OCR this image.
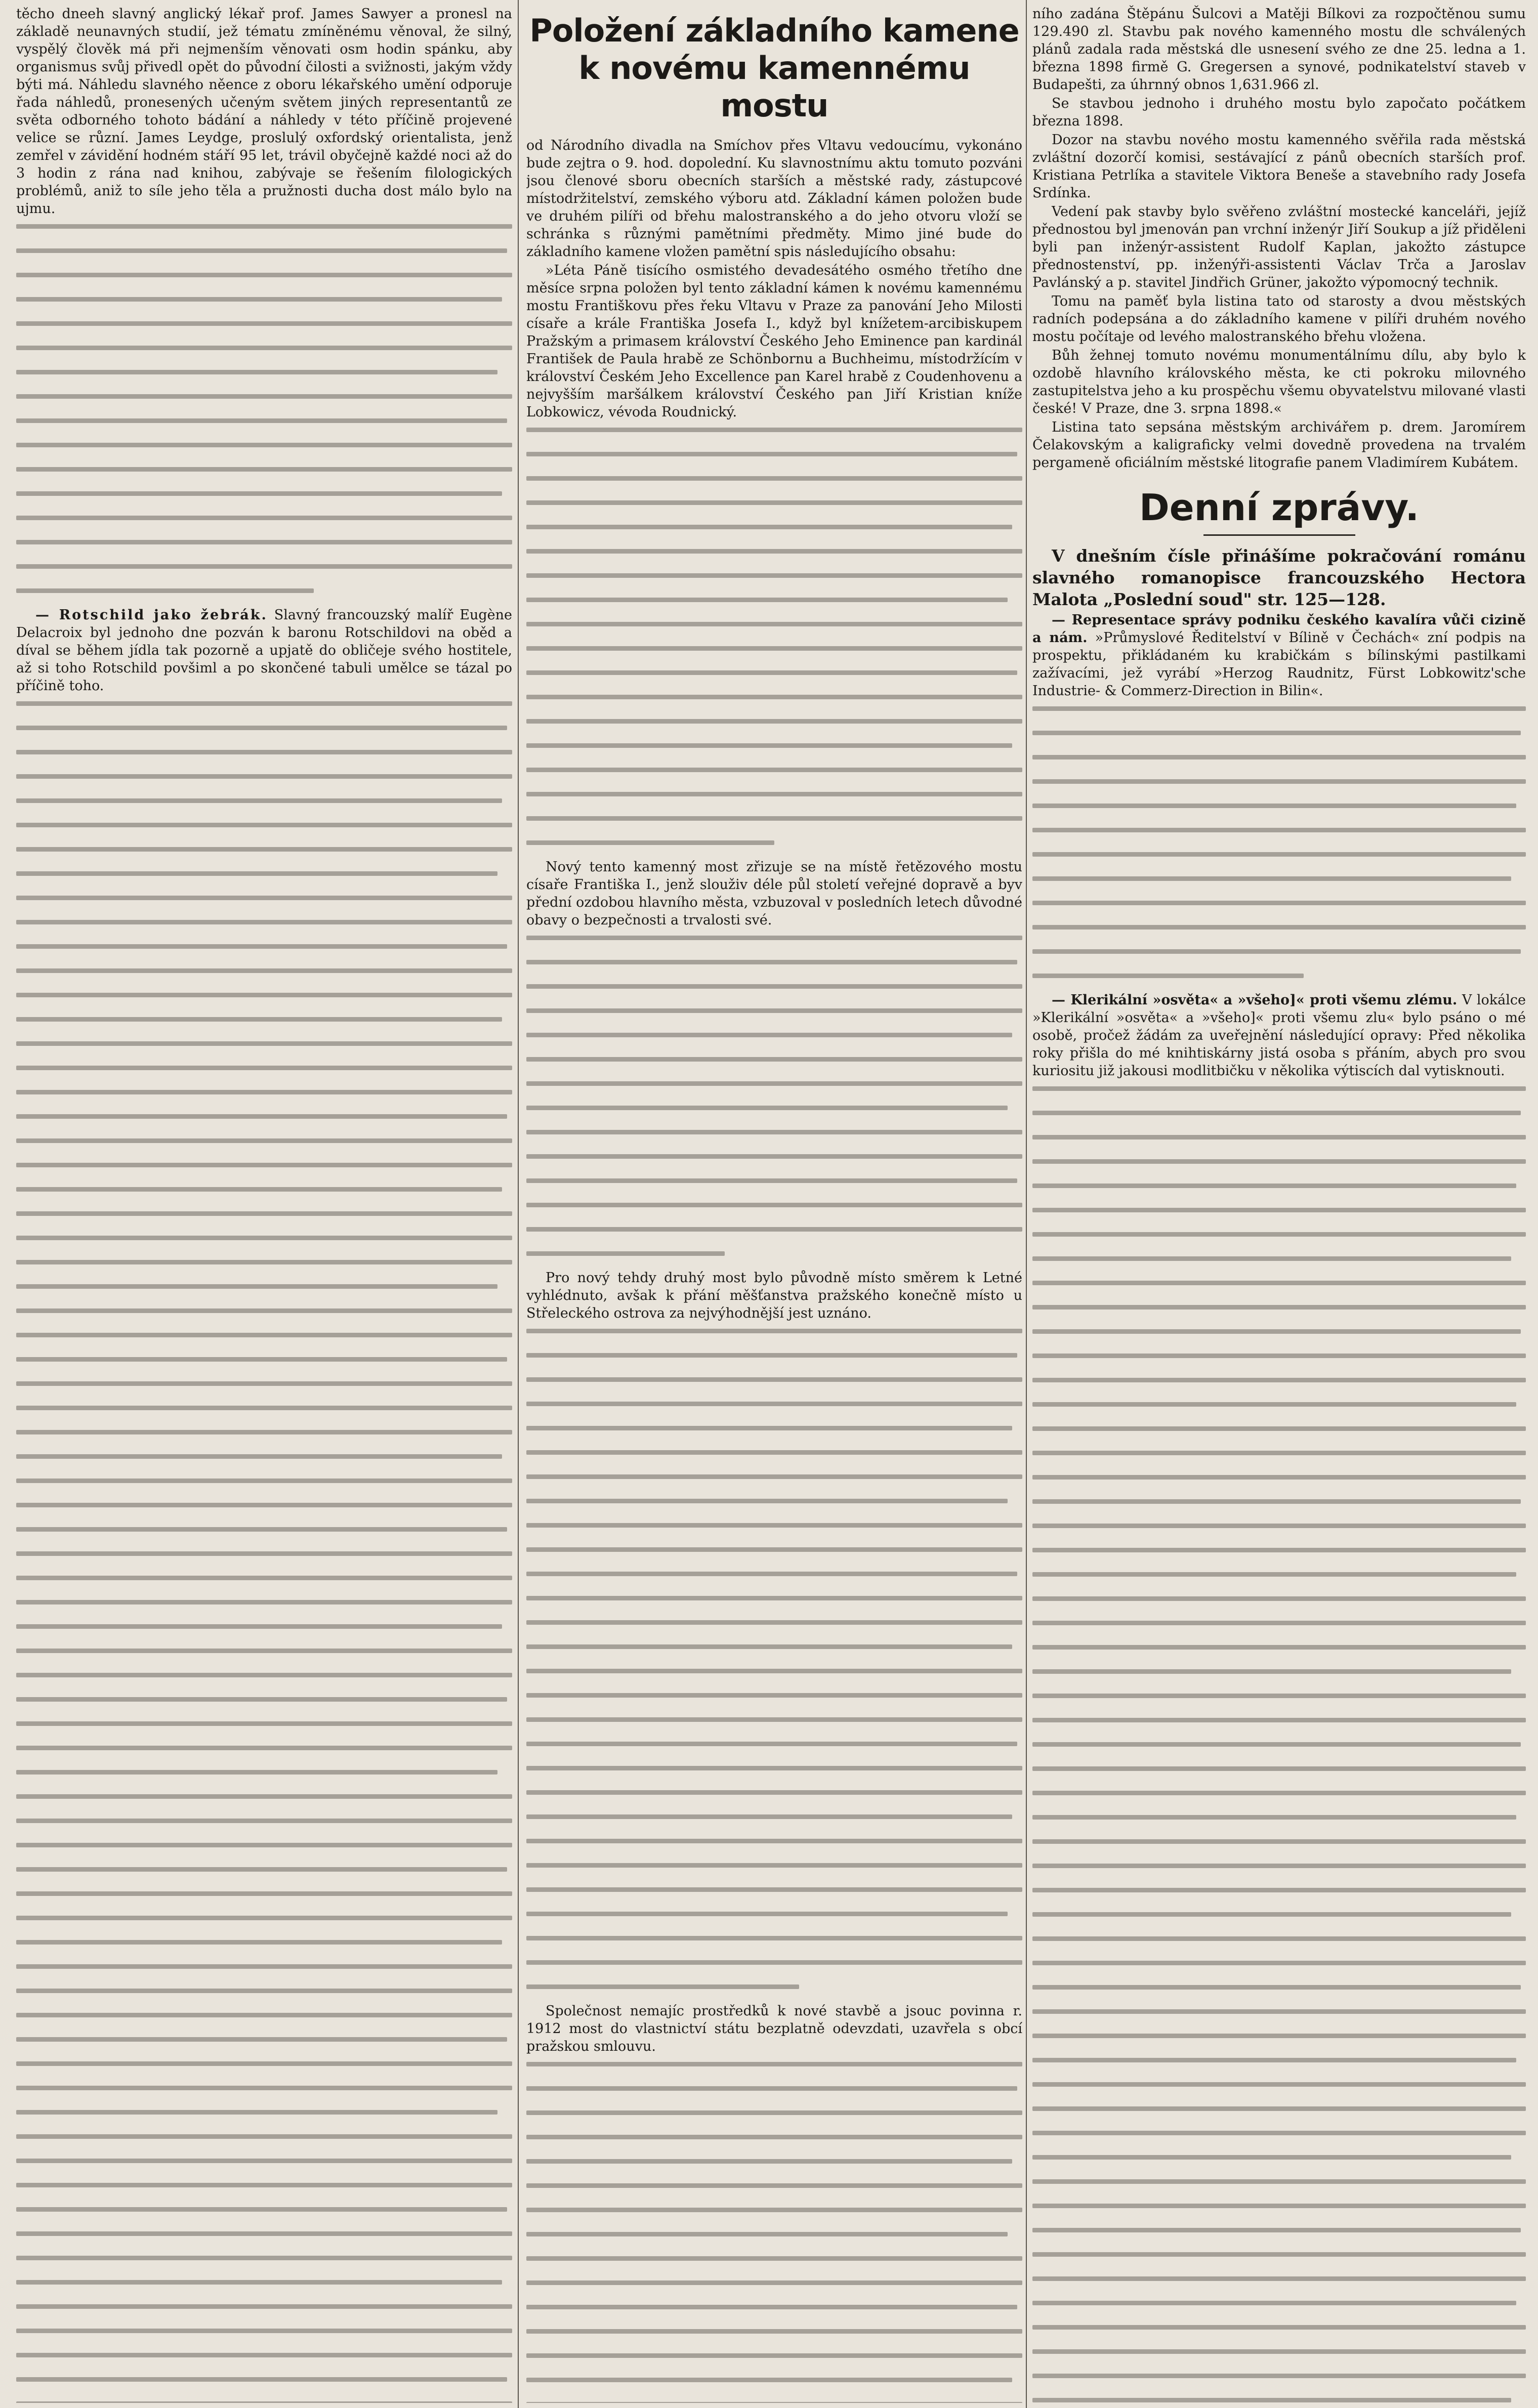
těcho dneeh slavný anglický lékař prof. James Sawyer a pronesl na základě neunavných studií, jež tématu zmíněnému věnoval, že silný, vyspělý člověk má při nejmenším věnovati osm hodin spánku, aby organismus svůj přivedl opět do původní čilosti a svižnosti, jakým vždy býti má. Náhledu slavného něence z oboru lékařského umění odporuje řada náhledů, pronesených učeným světem jiných representantů ze světa odborného tohoto bádání a náhledy v této příčině projevené velice se různí. James Leydge, proslulý oxfordský orientalista, jenž zemřel v závidění hodném stáří 95 let, trávil obyčejně každé noci až do 3 hodin z rána nad knihou, zabývaje se řešením filologických problémů, aniž to síle jeho těla a pružnosti ducha dost málo bylo na ujmu.

— Rotschild jako žebrák. Slavný francouzský malíř Eugène Delacroix byl jednoho dne pozván k baronu Rotschildovi na oběd a díval se během jídla tak pozorně a upjatě do obličeje svého hostitele, až si toho Rotschild povšiml a po skončené tabuli umělce se tázal po příčině toho.

Položení základního kamene k novému kamennému mostu

od Národního divadla na Smíchov přes Vltavu vedoucímu, vykonáno bude zejtra o 9. hod. dopolední. Ku slavnostnímu aktu tomuto pozváni jsou členové sboru obecních starších a městské rady, zástupcové místodržitelství, zemského výboru atd. Základní kámen položen bude ve druhém pilíři od břehu malostranského a do jeho otvoru vloží se schránka s různými pamětními předměty. Mimo jiné bude do základního kamene vložen pamětní spis následujícího obsahu:

»Léta Páně tisícího osmistého devadesátého osmého třetího dne měsíce srpna položen byl tento základní kámen k novému kamennému mostu Františkovu přes řeku Vltavu v Praze za panování Jeho Milosti císaře a krále Františka Josefa I., když byl knížetem-arcibiskupem Pražským a primasem království Českého Jeho Eminence pan kardinál František de Paula hrabě ze Schönbornu a Buchheimu, místodržícím v království Českém Jeho Excellence pan Karel hrabě z Coudenhovenu a nejvyšším maršálkem království Českého pan Jiří Kristian kníže Lobkowicz, vévoda Roudnický.

Nový tento kamenný most zřizuje se na místě řetězového mostu císaře Františka I., jenž slouživ déle půl století veřejné dopravě a byv přední ozdobou hlavního města, vzbuzoval v posledních letech důvodné obavy o bezpečnosti a trvalosti své.

Pro nový tehdy druhý most bylo původně místo směrem k Letné vyhlédnuto, avšak k přání měšťanstva pražského konečně místo u Střeleckého ostrova za nejvýhodnější jest uznáno.

Společnost nemajíc prostředků k nové stavbě a jsouc povinna r. 1912 most do vlastnictví státu bezplatně odevzdati, uzavřela s obcí pražskou smlouvu.

ního zadána Štěpánu Šulcovi a Matěji Bílkovi za rozpočtěnou sumu 129.490 zl. Stavbu pak nového kamenného mostu dle schválených plánů zadala rada městská dle usnesení svého ze dne 25. ledna a 1. března 1898 firmě G. Gregersen a synové, podnikatelství staveb v Budapešti, za úhrnný obnos 1,631.966 zl.

Se stavbou jednoho i druhého mostu bylo započato počátkem března 1898.

Dozor na stavbu nového mostu kamenného svěřila rada městská zvláštní dozorčí komisi, sestávající z pánů obecních starších prof. Kristiana Petrlíka a stavitele Viktora Beneše a stavebního rady Josefa Srdínka.

Vedení pak stavby bylo svěřeno zvláštní mostecké kanceláři, jejíž přednostou byl jmenován pan vrchní inženýr Jiří Soukup a jíž přiděleni byli pan inženýr-assistent Rudolf Kaplan, jakožto zástupce přednostenství, pp. inženýři-assistenti Václav Trča a Jaroslav Pavlánský a p. stavitel Jindřich Grüner, jakožto výpomocný technik.

Tomu na paměť byla listina tato od starosty a dvou městských radních podepsána a do základního kamene v pilíři druhém nového mostu počítaje od levého malostranského břehu vložena.

Bůh žehnej tomuto novému monumentálnímu dílu, aby bylo k ozdobě hlavního královského města, ke cti pokroku milovného zastupitelstva jeho a ku prospěchu všemu obyvatelstvu milované vlasti české! V Praze, dne 3. srpna 1898.«

Listina tato sepsána městským archivářem p. drem. Jaromírem Čelakovským a kaligraficky velmi dovedně provedena na trvalém pergameně oficiálním městské litografie panem Vladimírem Kubátem.

Denní zprávy.

V dnešním čísle přinášíme pokračování románu slavného romanopisce francouzského Hectora Malota „Poslední soud" str. 125—128.

— Representace správy podniku českého kavalíra vůči cizině a nám. »Průmyslové Ředitelství v Bílině v Čechách« zní podpis na prospektu, přikládaném ku krabičkám s bílinskými pastilkami zažívacími, jež vyrábí »Herzog Raudnitz, Fürst Lobkowitz'sche Industrie- & Commerz-Direction in Bilin«.

— Klerikální »osvěta« a »všeho]« proti všemu zlému. V lokálce »Klerikální »osvěta« a »všeho]« proti všemu zlu« bylo psáno o mé osobě, pročež žádám za uveřejnění následující opravy: Před několika roky přišla do mé knihtiskárny jistá osoba s přáním, abych pro svou kuriositu již jakousi modlitbičku v několika výtiscích dal vytisknouti.
